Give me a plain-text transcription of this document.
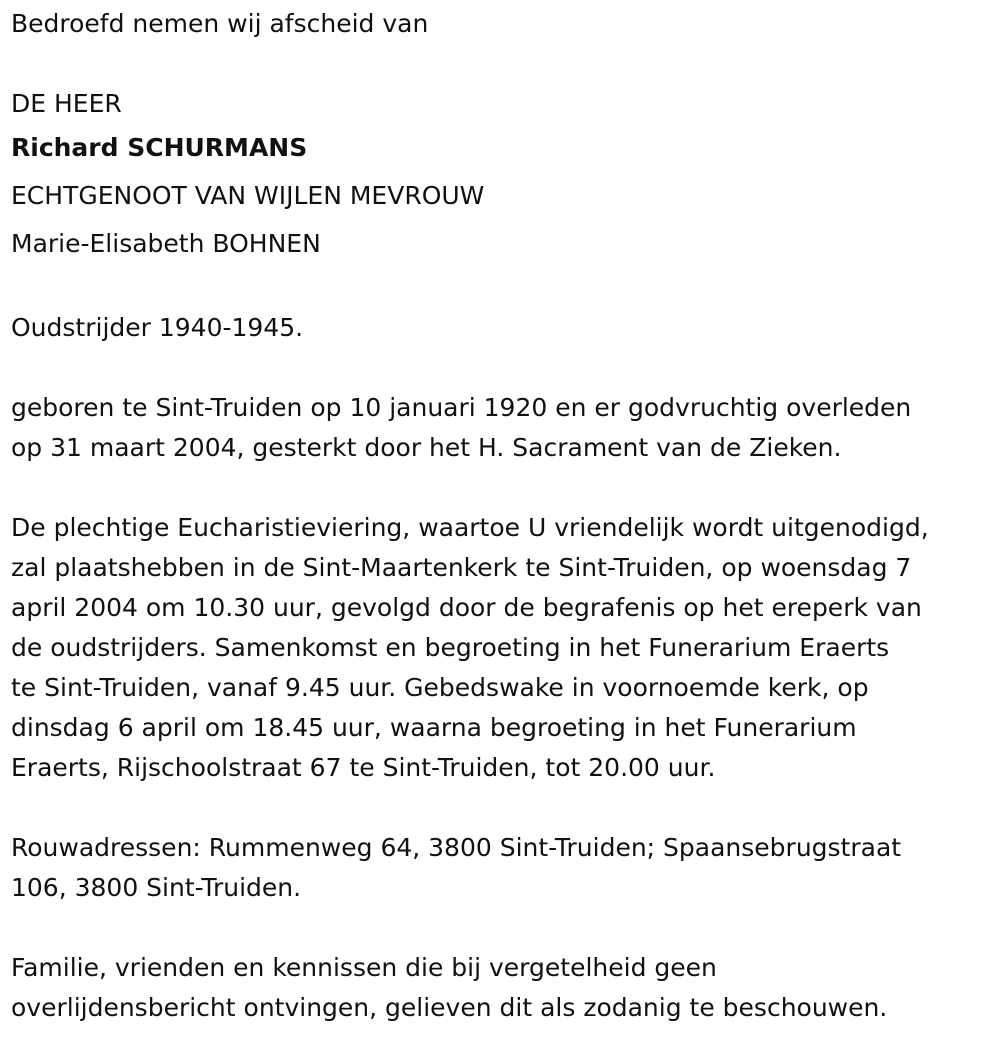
Bedroefd nemen wij afscheid van
DE HEER
Richard SCHURMANS
ECHTGENOOT VAN WIJLEN MEVROUW
Marie-Elisabeth BOHNEN
Oudstrijder 1940-1945.
geboren te Sint-Truiden op 10 januari 1920 en er godvruchtig overleden
op 31 maart 2004, gesterkt door het H. Sacrament van de Zieken.
De plechtige Eucharistieviering, waartoe U vriendelijk wordt uitgenodigd,
zal plaatshebben in de Sint-Maartenkerk te Sint-Truiden, op woensdag 7
april 2004 om 10.30 uur, gevolgd door de begrafenis op het ereperk van
de oudstrijders. Samenkomst en begroeting in het Funerarium Eraerts
te Sint-Truiden, vanaf 9.45 uur. Gebedswake in voornoemde kerk, op
dinsdag 6 april om 18.45 uur, waarna begroeting in het Funerarium
Eraerts, Rijschoolstraat 67 te Sint-Truiden, tot 20.00 uur.
Rouwadressen: Rummenweg 64, 3800 Sint-Truiden; Spaansebrugstraat
106, 3800 Sint-Truiden.
Familie, vrienden en kennissen die bij vergetelheid geen
overlijdensbericht ontvingen, gelieven dit als zodanig te beschouwen.
